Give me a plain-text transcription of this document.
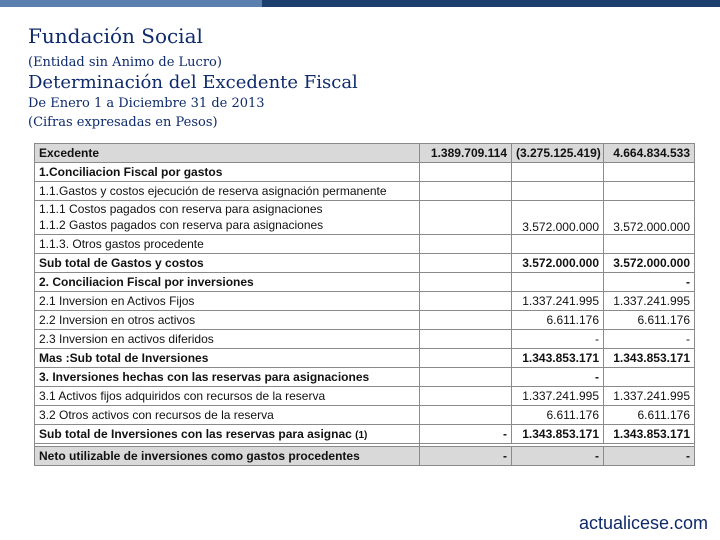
Fundación Social
(Entidad sin Animo de Lucro)
Determinación del Excedente Fiscal
De Enero 1 a Diciembre 31 de 2013
(Cifras expresadas en Pesos)
Excedente	1.389.709.114	(3.275.125.419)	4.664.834.533
1.Conciliacion Fiscal por gastos			
1.1.Gastos y costos ejecución de reserva asignación permanente			

1.1.1 Costos pagados con reserva para asignaciones
1.1.2 Gastos pagados con reserva para asignaciones		3.572.000.000	3.572.000.000
1.1.3. Otros gastos procedente			
Sub total de Gastos y costos		3.572.000.000	3.572.000.000
2. Conciliacion Fiscal por inversiones			-
2.1 Inversion en Activos Fijos		1.337.241.995	1.337.241.995
2.2 Inversion en otros activos		6.611.176	6.611.176
2.3 Inversion en activos diferidos		-	-
Mas :Sub total de Inversiones		1.343.853.171	1.343.853.171
3. Inversiones hechas con las reservas para asignaciones		-	
3.1 Activos fijos adquiridos con recursos de la reserva		1.337.241.995	1.337.241.995
3.2 Otros activos con recursos de la reserva		6.611.176	6.611.176
Sub total de Inversiones con las reservas para asignac (1)	-	1.343.853.171	1.343.853.171

Neto utilizable de inversiones como gastos procedentes	-	-	-
actualicese.com
